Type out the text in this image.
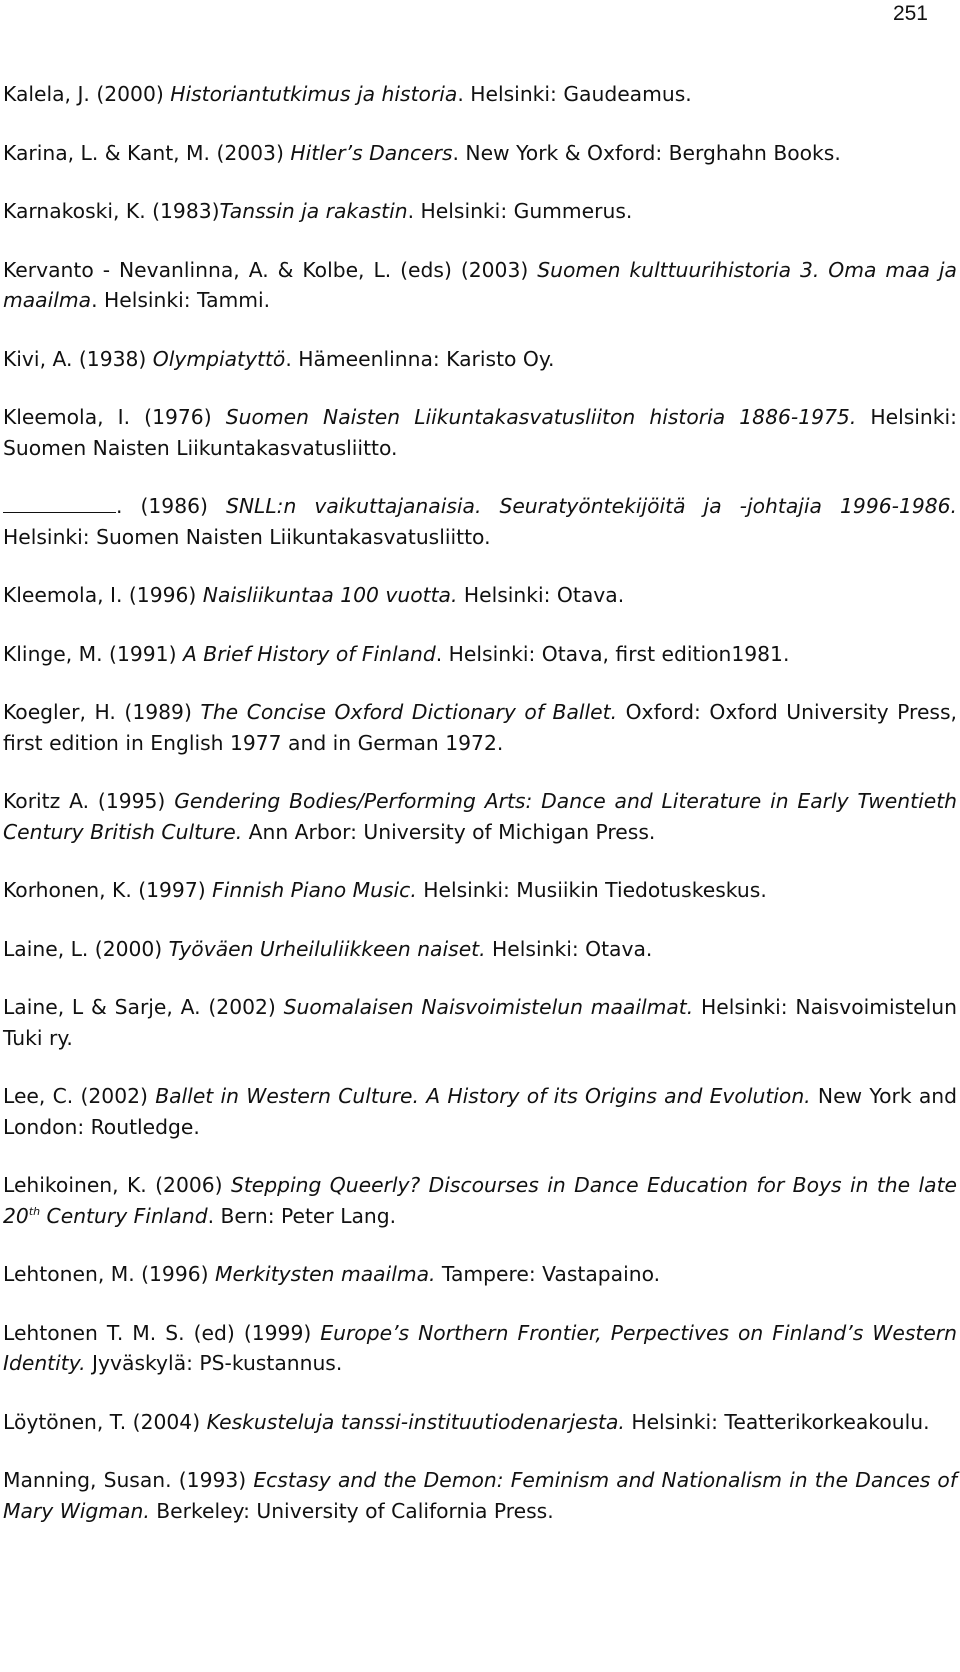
251

Kalela, J. (2000) Historiantutkimus ja historia. Helsinki: Gaudeamus.

Karina, L. & Kant, M. (2003) Hitler’s Dancers. New York & Oxford: Berghahn Books.

Karnakoski, K. (1983)Tanssin ja rakastin. Helsinki: Gummerus.

Kervanto - Nevanlinna, A. & Kolbe, L. (eds) (2003) Suomen kulttuurihistoria 3. Oma maa ja maailma. Helsinki: Tammi.

Kivi, A. (1938) Olympiatyttö. Hämeenlinna: Karisto Oy.

Kleemola, I. (1976) Suomen Naisten Liikuntakasvatusliiton historia 1886-1975. Helsinki: Suomen Naisten Liikuntakasvatusliitto.

. (1986) SNLL:n vaikuttajanaisia. Seuratyöntekijöitä ja -johtajia 1996-1986. Helsinki: Suomen Naisten Liikuntakasvatusliitto.

Kleemola, I. (1996) Naisliikuntaa 100 vuotta. Helsinki: Otava.

Klinge, M. (1991) A Brief History of Finland. Helsinki: Otava, first edition1981.

Koegler, H. (1989) The Concise Oxford Dictionary of Ballet. Oxford: Oxford University Press, first edition in English 1977 and in German 1972.

Koritz A. (1995) Gendering Bodies/Performing Arts: Dance and Literature in Early Twentieth Century British Culture. Ann Arbor: University of Michigan Press.

Korhonen, K. (1997) Finnish Piano Music. Helsinki: Musiikin Tiedotuskeskus.

Laine, L. (2000) Työväen Urheiluliikkeen naiset. Helsinki: Otava.

Laine, L & Sarje, A. (2002) Suomalaisen Naisvoimistelun maailmat. Helsinki: Naisvoimistelun Tuki ry.

Lee, C. (2002) Ballet in Western Culture. A History of its Origins and Evolution. New York and London: Routledge.

Lehikoinen, K. (2006) Stepping Queerly? Discourses in Dance Education for Boys in the late 20th Century Finland. Bern: Peter Lang.

Lehtonen, M. (1996) Merkitysten maailma. Tampere: Vastapaino.

Lehtonen T. M. S. (ed) (1999) Europe’s Northern Frontier, Perpectives on Finland’s Western Identity. Jyväskylä: PS-kustannus.

Löytönen, T. (2004) Keskusteluja tanssi-instituutiodenarjesta. Helsinki: Teatterikorkeakoulu.

Manning, Susan. (1993) Ecstasy and the Demon: Feminism and Nationalism in the Dances of Mary Wigman. Berkeley: University of California Press.
